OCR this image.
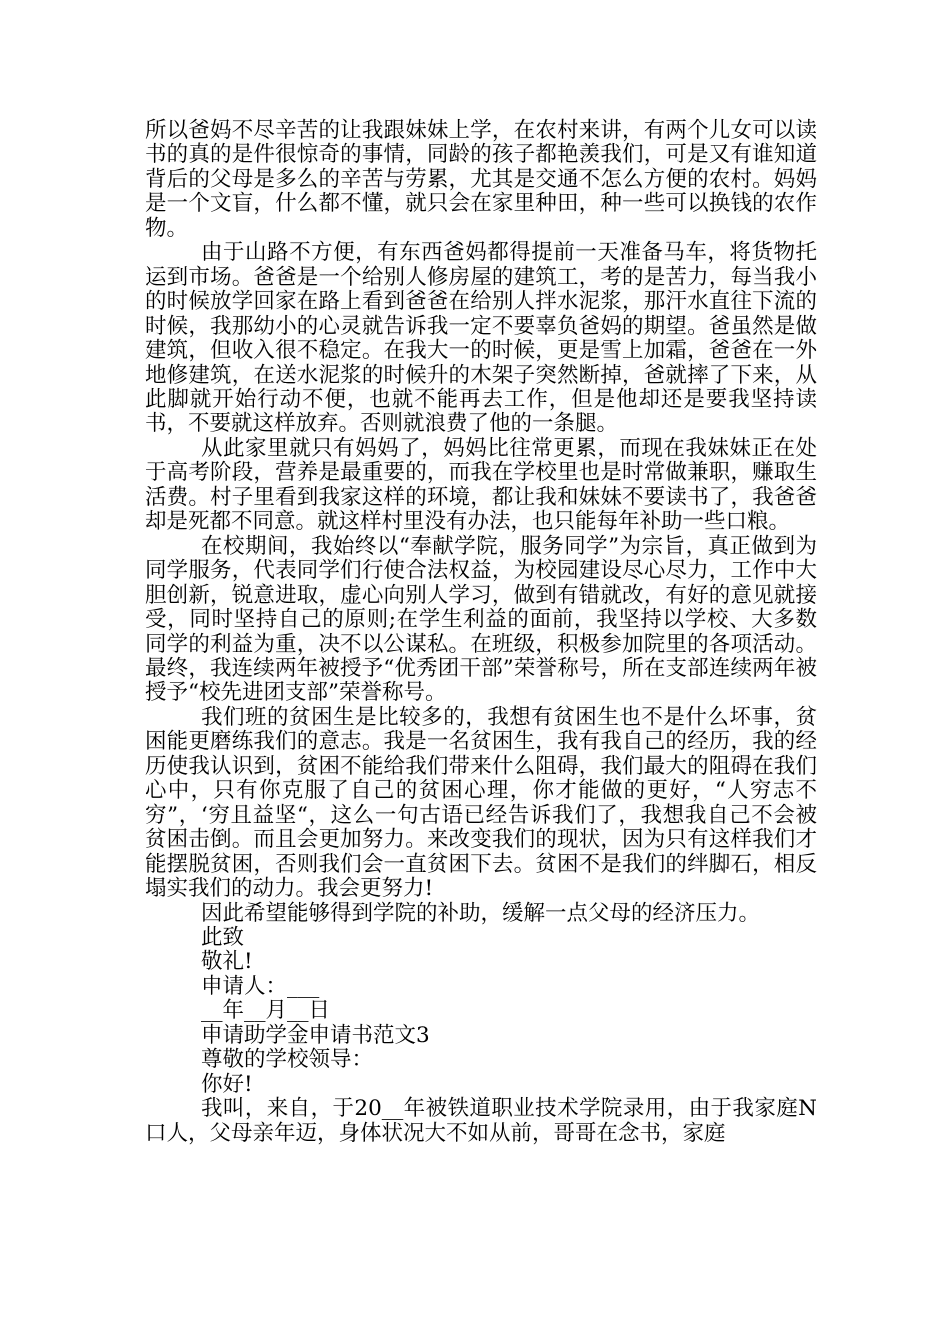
所以爸妈不尽辛苦的让我跟妹妹上学，在农村来讲，有两个儿女可以读书的真的是件很惊奇的事情，同龄的孩子都艳羡我们，可是又有谁知道背后的父母是多么的辛苦与劳累，尤其是交通不怎么方便的农村。妈妈是一个文盲，什么都不懂，就只会在家里种田，种一些可以换钱的农作物。

由于山路不方便，有东西爸妈都得提前一天准备马车，将货物托运到市场。爸爸是一个给别人修房屋的建筑工，考的是苦力，每当我小的时候放学回家在路上看到爸爸在给别人拌水泥浆，那汗水直往下流的时候，我那幼小的心灵就告诉我一定不要辜负爸妈的期望。爸虽然是做建筑，但收入很不稳定。在我大一的时候，更是雪上加霜，爸爸在一外地修建筑，在送水泥浆的时候升的木架子突然断掉，爸就摔了下来，从此脚就开始行动不便，也就不能再去工作，但是他却还是要我坚持读书，不要就这样放弃。否则就浪费了他的一条腿。

从此家里就只有妈妈了，妈妈比往常更累，而现在我妹妹正在处于高考阶段，营养是最重要的，而我在学校里也是时常做兼职，赚取生活费。村子里看到我家这样的环境，都让我和妹妹不要读书了，我爸爸却是死都不同意。就这样村里没有办法，也只能每年补助一些口粮。

在校期间，我始终以“奉献学院，服务同学”为宗旨，真正做到为同学服务，代表同学们行使合法权益，为校园建设尽心尽力，工作中大胆创新，锐意进取，虚心向别人学习，做到有错就改，有好的意见就接受，同时坚持自己的原则;在学生利益的面前，我坚持以学校、大多数同学的利益为重，决不以公谋私。在班级，积极参加院里的各项活动。最终，我连续两年被授予“优秀团干部”荣誉称号，所在支部连续两年被授予“校先进团支部”荣誉称号。

我们班的贫困生是比较多的，我想有贫困生也不是什么坏事，贫困能更磨练我们的意志。我是一名贫困生，我有我自己的经历，我的经历使我认识到，贫困不能给我们带来什么阻碍，我们最大的阻碍在我们心中，只有你克服了自己的贫困心理，你才能做的更好，“人穷志不穷”，‘穷且益坚“，这么一句古语已经告诉我们了，我想我自己不会被贫困击倒。而且会更加努力。来改变我们的现状，因为只有这样我们才能摆脱贫困，否则我们会一直贫困下去。贫困不是我们的绊脚石，相反塌实我们的动力。我会更努力!

因此希望能够得到学院的补助，缓解一点父母的经济压力。

此致

敬礼!

申请人：___

__年__月__日

申请助学金申请书范文3

尊敬的学校领导：

你好!

我叫，来自，于20__年被铁道职业技术学院录用，由于我家庭N口人，父母亲年迈，身体状况大不如从前，哥哥在念书，家庭
